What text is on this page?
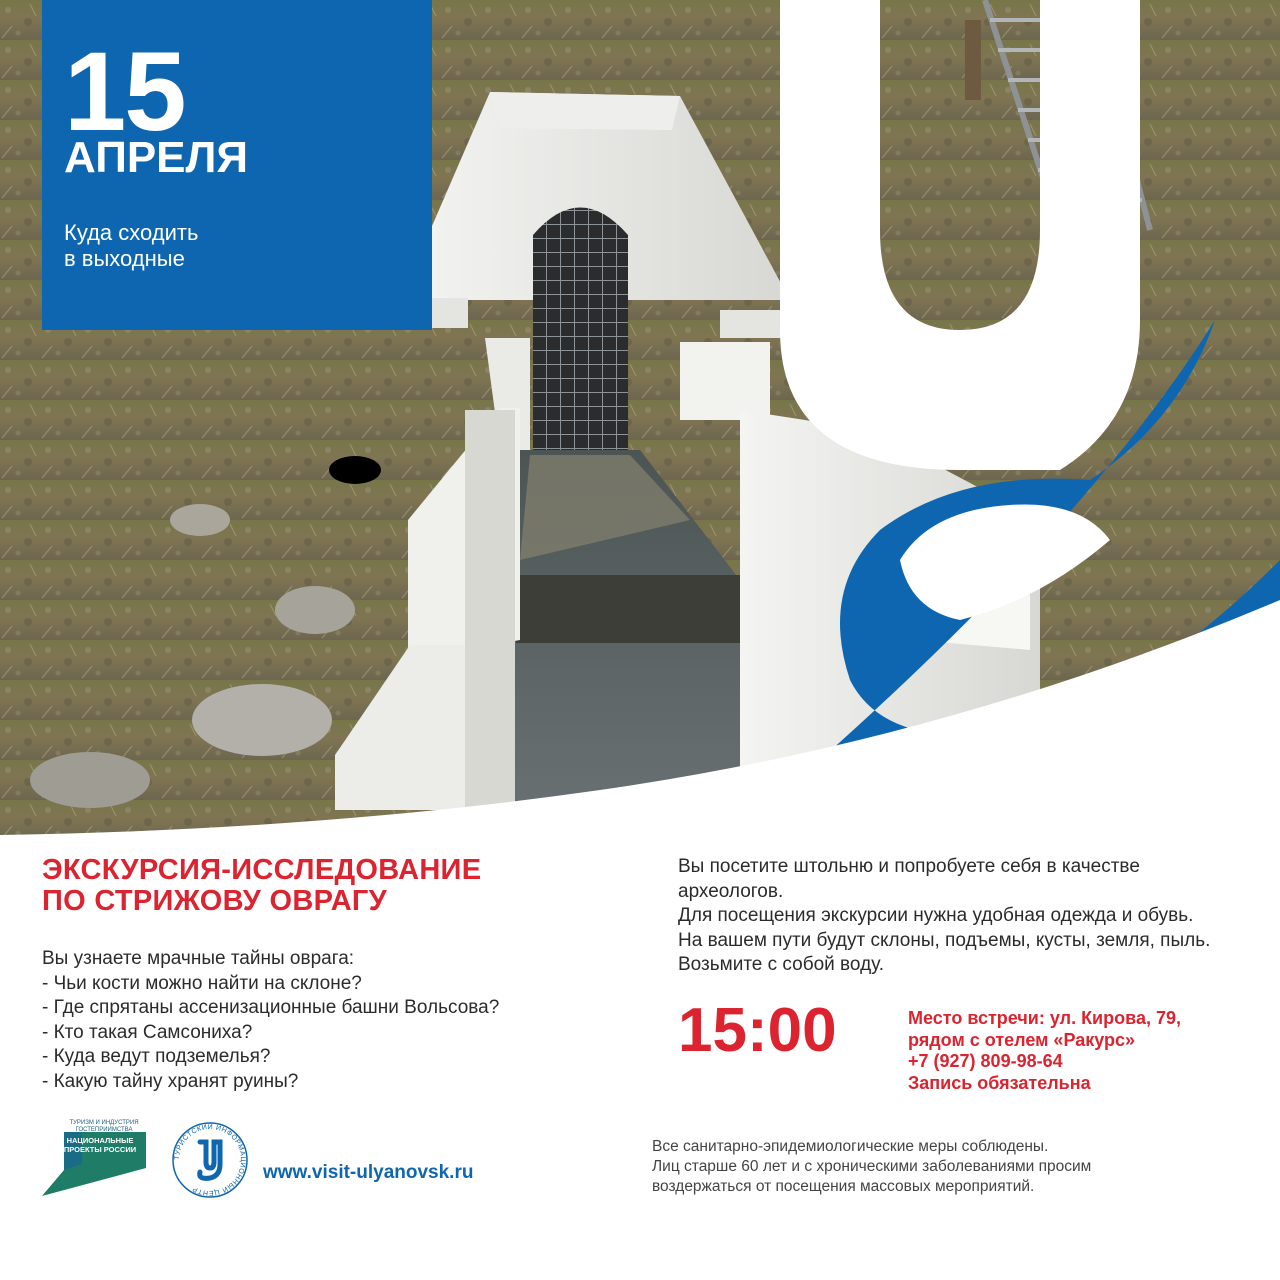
15
АПРЕЛЯ
Куда сходить
в выходные
ЭКСКУРСИЯ-ИССЛЕДОВАНИЕ
ПО СТРИЖОВУ ОВРАГУ
Вы узнаете мрачные тайны оврага:
- Чьи кости можно найти на склоне?
- Где спрятаны ассенизационные башни Вольсова?
- Кто такая Самсониха?
- Куда ведут подземелья?
- Какую тайну хранят руины?
Вы посетите штольню и попробуете себя в качестве археологов.
Для посещения экскурсии нужна удобная одежда и обувь. На вашем пути будут склоны, подъемы, кусты, земля, пыль. Возьмите с собой воду.
15:00	Место встречи: ул. Кирова, 79,
рядом с отелем «Ракурс»
+7 (927) 809-98-64
Запись обязательна
Все санитарно-эпидемиологические меры соблюдены.
Лиц старше 60 лет и с хроническими заболеваниями просим
воздержаться от посещения массовых мероприятий.
ТУРИЗМ И ИНДУСТРИЯ ГОСТЕПРИИМСТВА
НАЦИОНАЛЬНЫЕ ПРОЕКТЫ РОССИИ
ТУРИСТСКИЙ ИНФОРМАЦИОННЫЙ ЦЕНТР
www.visit-ulyanovsk.ru
